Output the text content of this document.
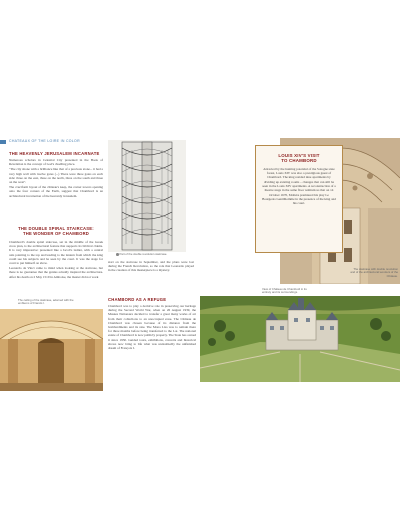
CHATEAUX OF THE LOIRE IN COLOR
THE HEAVENLY JERUSALEM INCARNATE

Numerous scholars in Celestial City presented in the Book of Revelation is the concept of God's dwelling place.

"The city shone with a brilliance like that of a precious stone... it had a very high wall with twelve gates (...) There were three gates on each side: three on the east, three on the north, three on the south and three on the west".

The cruciform layout of the château's keep, the corner towers opening onto the four corners of the Earth, suggest that Chambord is an architectural incarnation of the heavenly Jerusalem.

THE DOUBLE SPIRAL STAIRCASE:
THE WONDER OF CHAMBORD

Chambord's double spiral staircase, set in the middle of the Greek cross plan, is the architectural feature that supports its biblical claims. It is very impressive: presented like a Jacob's ladder, with a central axis pointing to the top and leading to the lantern from which the king could see his subjects and be seen by the court. It was the stage for court to put himself on show.

Leonardo da Vinci came to mind when looking at the staircase, but there is no guarantee that the genius actually inspired the architecture. After his death on 2 May 1519 in Amboise, the master did not work

Part of the double revolution staircase.
start on the staircase in September, and the plans were lost during the French Revolution, so the role that Leonardo played in the creation of this masterpiece is a mystery.
The ceiling of the staircase, adorned with the emblems of Francis I.
CHAMBORD AS A REFUGE
Chambord was to play a decisive role in preserving our heritage during the Second World War, when on 26 August 1939, the Musées Nationaux decided to transfer a great many works of art from their collections to an unoccupied zone. The Château de Chambord was chosen because of its distance from the bombardments and its size. The Mona Lisa was to remain there for three months before being transferred to the Lot. The national estate of Chambord is now publicly property. The State has owned it since 1930. Guided tours, exhibitions, concerts and historical shows now bring to life what was undoubtedly the unfinished dream of François I.
LOUIS XIV'S VISIT
TO CHAMBORD
Attracted by the hunting potential of the Sologne state forest, Louis XIV was also a prestigious guest of Chambord. The king resided nine apartments by dividing up existing rooms – changes that can still be seen in the Louis XIV apartments. A reconstruction of a theatre stage in the same floor reminds us that on 14 October 1670, Molière premiered his play Le Bourgeois Gentilhomme in the presence of the king and his court.
The staircase with double revolution and of the architectural wonders of the Château.
View of Château de Chambord in its entirety and its surroundings.
